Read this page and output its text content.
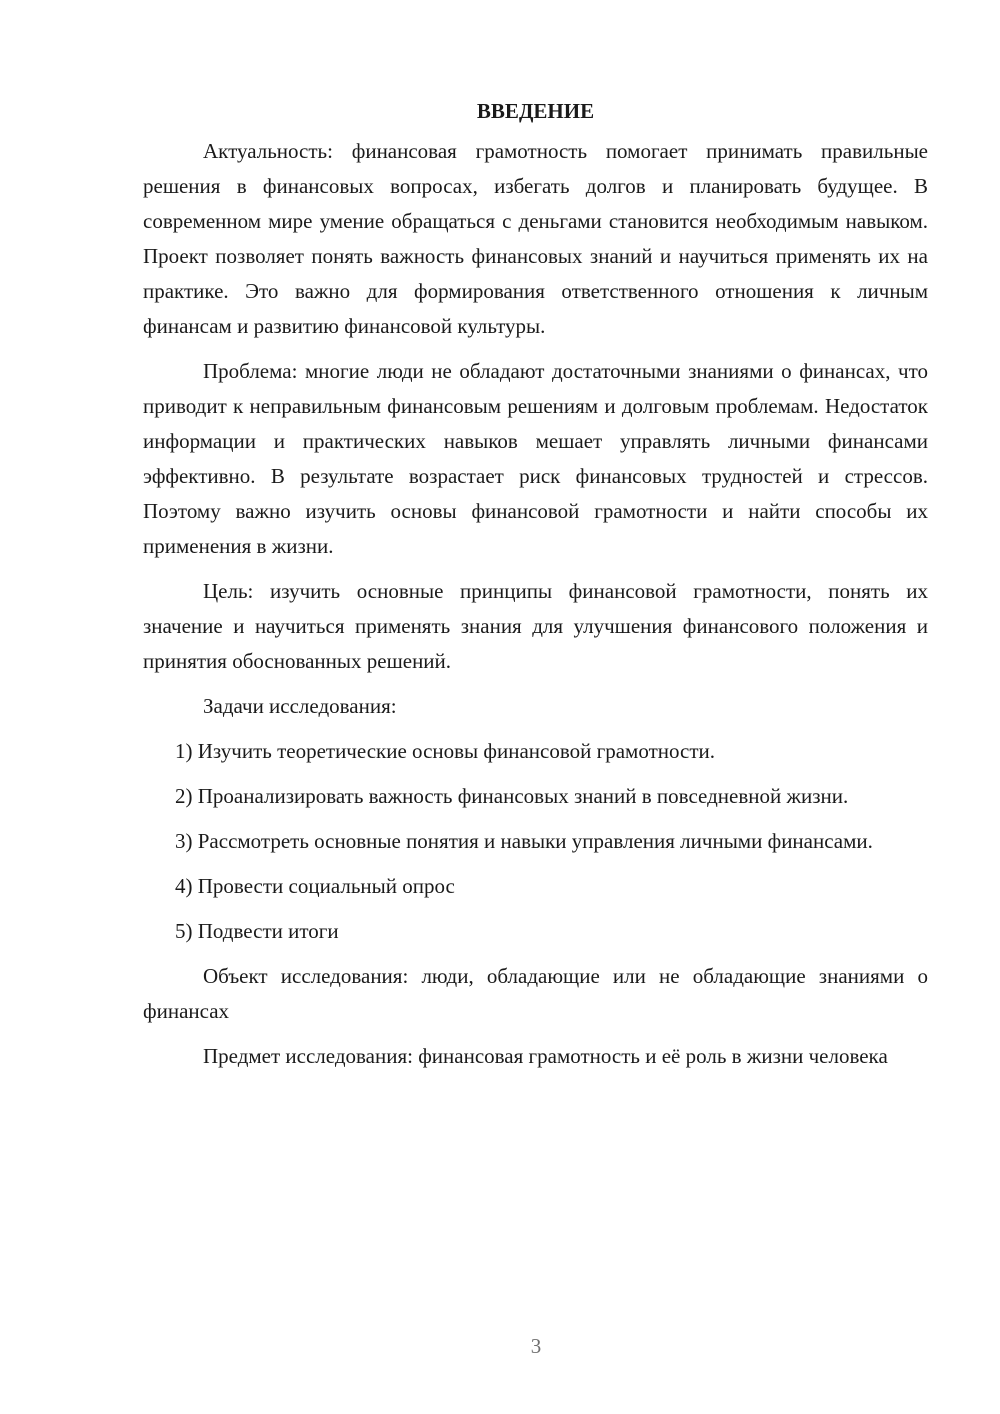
ВВЕДЕНИЕ

Актуальность: финансовая грамотность помогает принимать правильные решения в финансовых вопросах, избегать долгов и планировать будущее. В современном мире умение обращаться с деньгами становится необходимым навыком. Проект позволяет понять важность финансовых знаний и научиться применять их на практике. Это важно для формирования ответственного отношения к личным финансам и развитию финансовой культуры.

Проблема: многие люди не обладают достаточными знаниями о финансах, что приводит к неправильным финансовым решениям и долговым проблемам. Недостаток информации и практических навыков мешает управлять личными финансами эффективно. В результате возрастает риск финансовых трудностей и стрессов. Поэтому важно изучить основы финансовой грамотности и найти способы их применения в жизни.

Цель: изучить основные принципы финансовой грамотности, понять их значение и научиться применять знания для улучшения финансового положения и принятия обоснованных решений.

Задачи исследования:

1) Изучить теоретические основы финансовой грамотности.

2) Проанализировать важность финансовых знаний в повседневной жизни.

3) Рассмотреть основные понятия и навыки управления личными финансами.

4) Провести социальный опрос

5) Подвести итоги

Объект исследования: люди, обладающие или не обладающие знаниями о финансах

Предмет исследования: финансовая грамотность и её роль в жизни человека

3
